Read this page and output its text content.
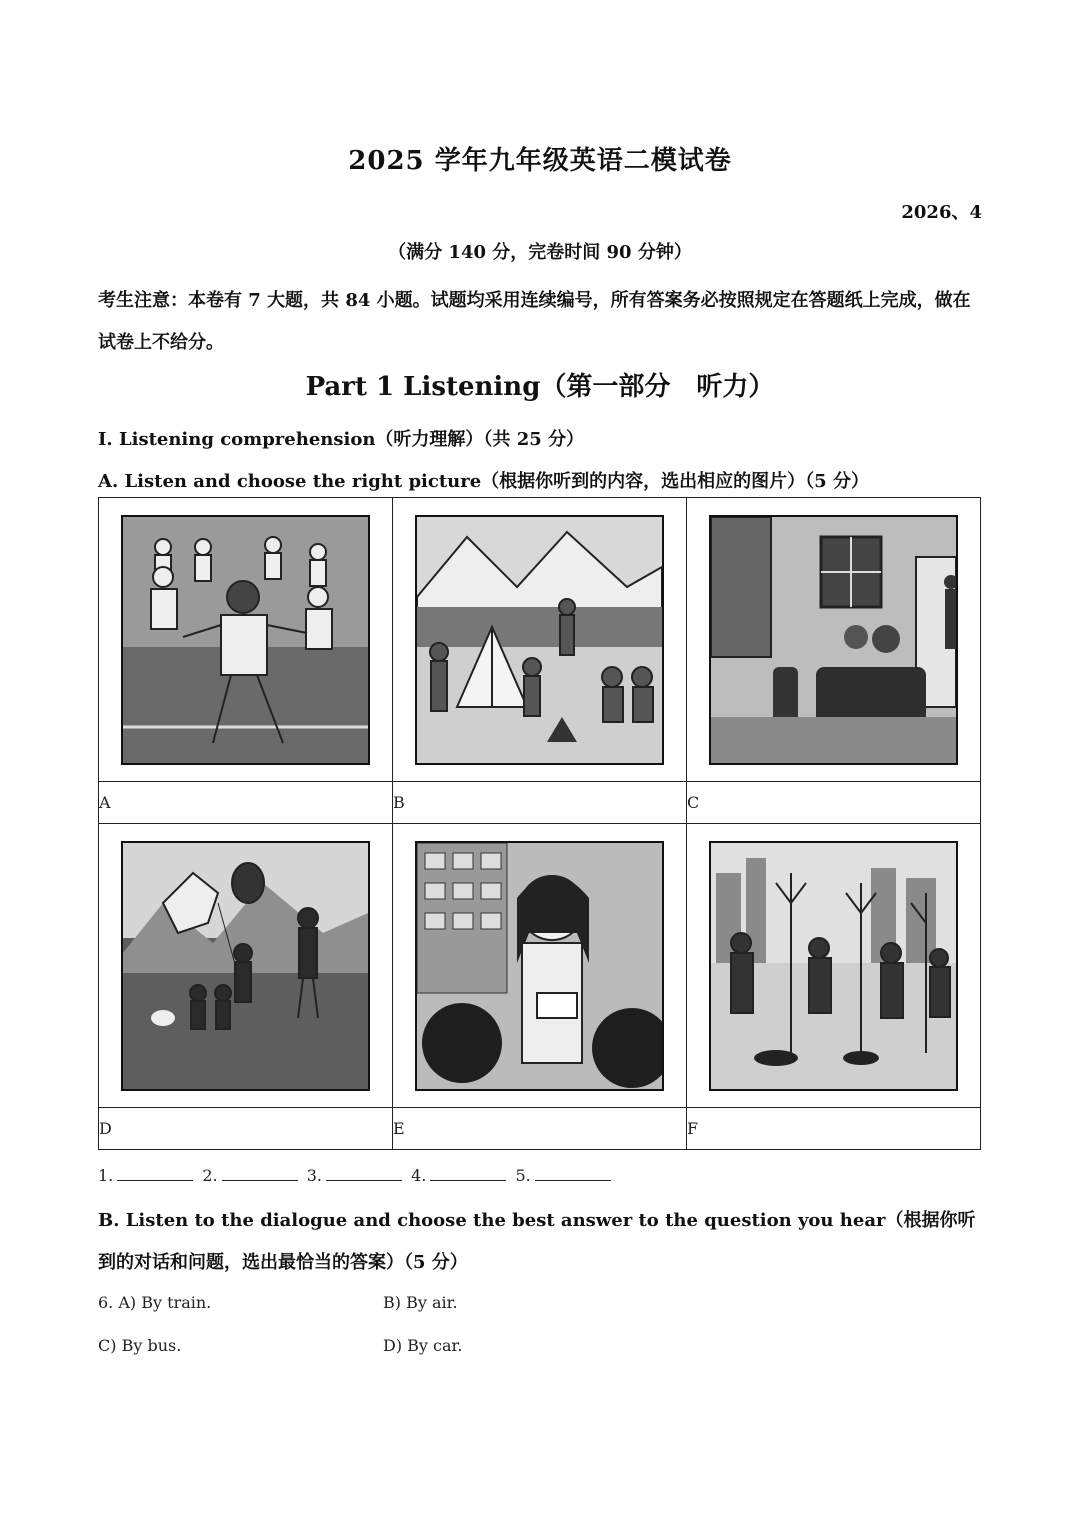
2025 学年九年级英语二模试卷
2026、4
（满分 140 分，完卷时间 90 分钟）
考生注意：本卷有 7 大题，共 84 小题。试题均采用连续编号，所有答案务必按照规定在答题纸上完成，做在试卷上不给分。
Part 1 Listening（第一部分　听力）
I. Listening comprehension（听力理解）（共 25 分）
A. Listen and choose the right picture（根据你听到的内容，选出相应的图片）（5 分）

A	B	C

D	E	F
1.	2.	3.	4.	5.
B. Listen to the dialogue and choose the best answer to the question you hear（根据你听到的对话和问题，选出最恰当的答案）（5 分）
6. A) By train.	B) By air.
C) By bus.	D) By car.
